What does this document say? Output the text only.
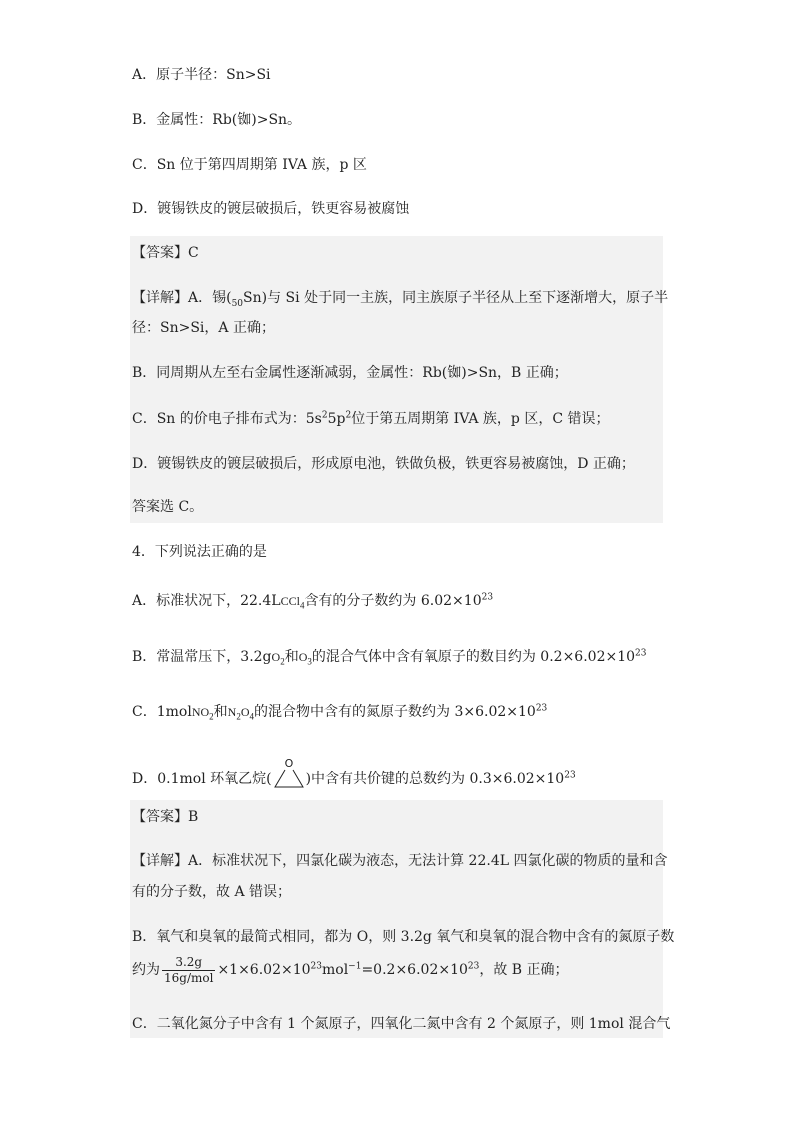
A．原子半径：Sn>Si
B．金属性：Rb(铷)>Sn。
C．Sn 位于第四周期第 IVA 族，p 区
D．镀锡铁皮的镀层破损后，铁更容易被腐蚀
【答案】C
【详解】A．锡$(_{50}Sn)$与 Si 处于同一主族，同主族原子半径从上至下逐渐增大，原子半
径：Sn>Si，A 正确；
B．同周期从左至右金属性逐渐减弱，金属性：Rb(铷)>Sn，B 正确；
C．Sn 的价电子排布式为：$5s^25p^2$位于第五周期第 IVA 族，p 区，C 错误；
D．镀锡铁皮的镀层破损后，形成原电池，铁做负极，铁更容易被腐蚀，D 正确；
答案选 C。
4．下列说法正确的是
A．标准状况下，22.4LCCl$_4$含有的分子数约为 $6.02\times 10^{23}$
B．常温常压下，$3.2gO_2$和$O_3$的混合气体中含有氧原子的数目约为 $0.2\times 6.02\times 10^{23}$
C．1molNO$_2$和$N_2O_4$的混合物中含有的氮原子数约为 $3\times 6.02\times 10^{23}$
D．0.1mol 环氧乙烷(
O
)中含有共价键的总数约为 $0.3\times 6.02\times 10^{23}$
【答案】B
【详解】A．标准状况下，四氯化碳为液态，无法计算 22.4L 四氯化碳的物质的量和含
有的分子数，故 A 错误；
B．氧气和臭氧的最简式相同，都为 O，则 3.2g 氧气和臭氧的混合物中含有的氮原子数
约为 $\frac{3.2g}{\text{16g/mol}} \times 1\times 6.02\times 10^{23}mol^{-1}=0.2\times 6.02\times 10^{23}$，故 B 正确；
C．二氧化氮分子中含有 1 个氮原子，四氧化二氮中含有 2 个氮原子，则 1mol 混合气
